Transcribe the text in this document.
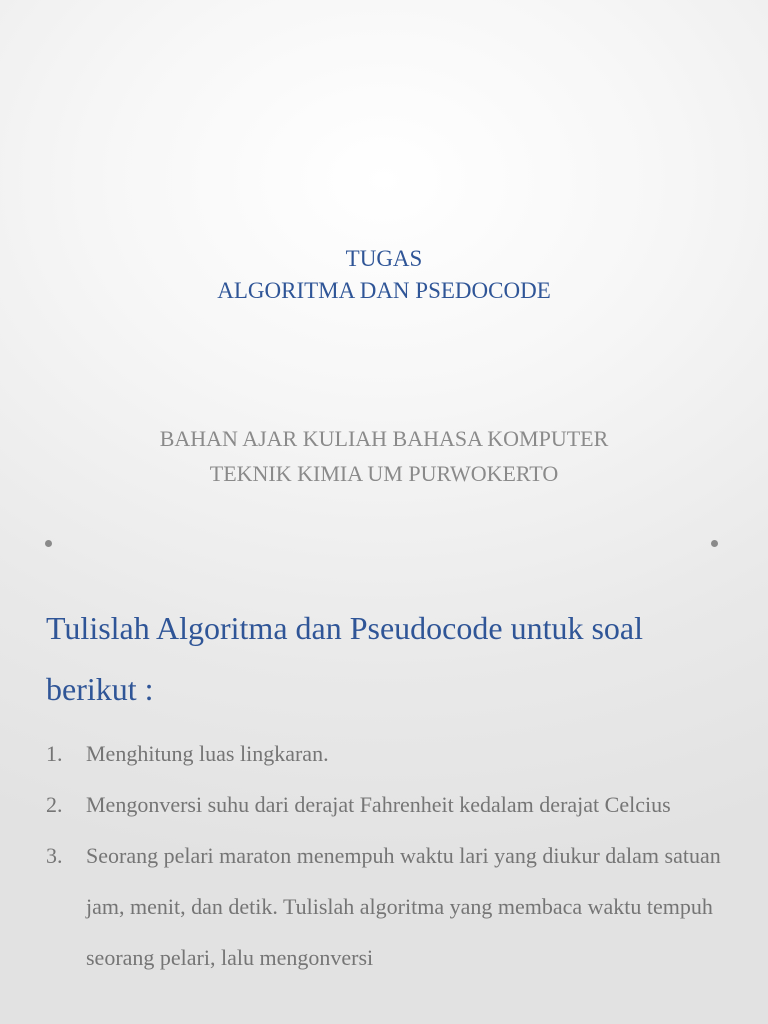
TUGAS
ALGORITMA DAN PSEDOCODE
BAHAN AJAR KULIAH BAHASA KOMPUTER
TEKNIK KIMIA UM PURWOKERTO
Tulislah Algoritma dan Pseudocode untuk soal berikut :
1. Menghitung luas lingkaran.
2. Mengonversi suhu dari derajat Fahrenheit kedalam derajat Celcius
3. Seorang pelari maraton menempuh waktu lari yang diukur dalam satuan jam, menit, dan detik. Tulislah algoritma yang membaca waktu tempuh seorang pelari, lalu mengonversi
